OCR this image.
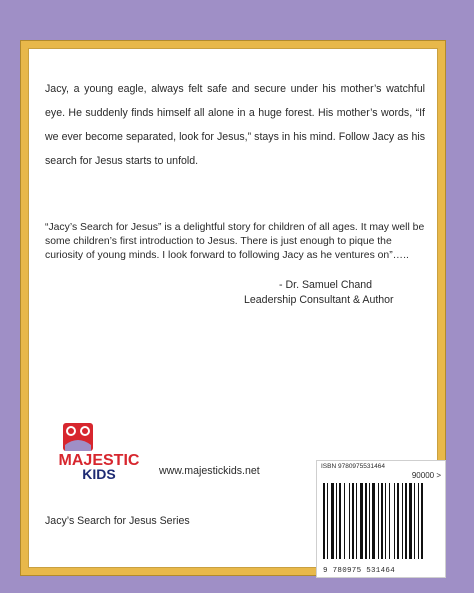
Jacy, a young eagle, always felt safe and secure under his mother’s watchful eye. He suddenly finds himself all alone in a huge forest. His mother’s words, “If we ever become separated, look for Jesus,” stays in his mind. Follow Jacy as his search for Jesus starts to unfold.

“Jacy’s Search for Jesus” is a delightful story for children of all ages. It may well be some children’s first introduction to Jesus. There is just enough to pique the curiosity of young minds. I look forward to following Jacy as he ventures on”…..

- Dr. Samuel Chand
Leadership Consultant & Author
MAJESTIC
KIDS	www.majestickids.net
Jacy’s Search for Jesus Series
ISBN 9780975531464
90000 >
9 780975 531464
